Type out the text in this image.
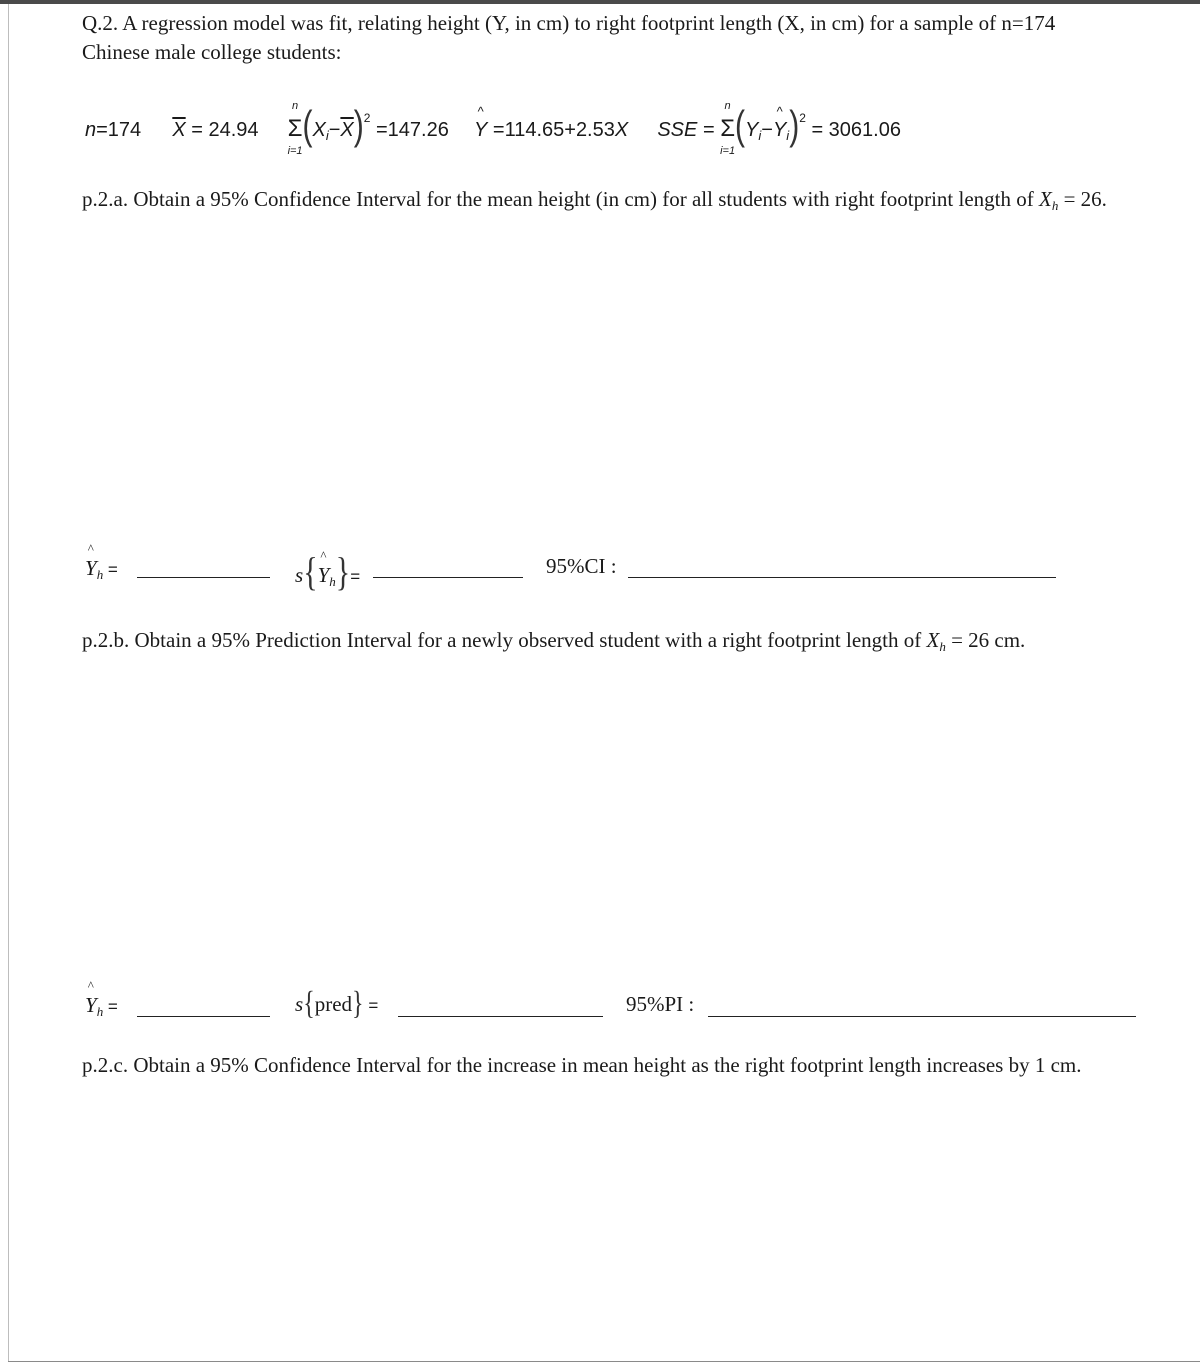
Q.2. A regression model was fit, relating height (Y, in cm) to right footprint length (X, in cm) for a sample of n=174
Chinese male college students:
n=174 $\overline{X} = 24.94$ Σ
n
i=1
$(X_i-\overline{X})^2 =147.26$
^
Y =114.65+2.53X SSE = Σ
n
i=1
($Y_i-$
^
$Y_i)^2 = 3061.06$
p.2.a. Obtain a 95% Confidence Interval for the mean height (in cm) for all students with right footprint length of $X_h = 26$.
^
$Y_h$ =	s{ ^
$Y_h\}=$	95%CI :
p.2.b. Obtain a 95% Prediction Interval for a newly observed student with a right footprint length of $X_h = 26$ cm.
^
$Y_h$ =	s{pred} =	95%PI :
p.2.c. Obtain a 95% Confidence Interval for the increase in mean height as the right footprint length increases by 1 cm.
